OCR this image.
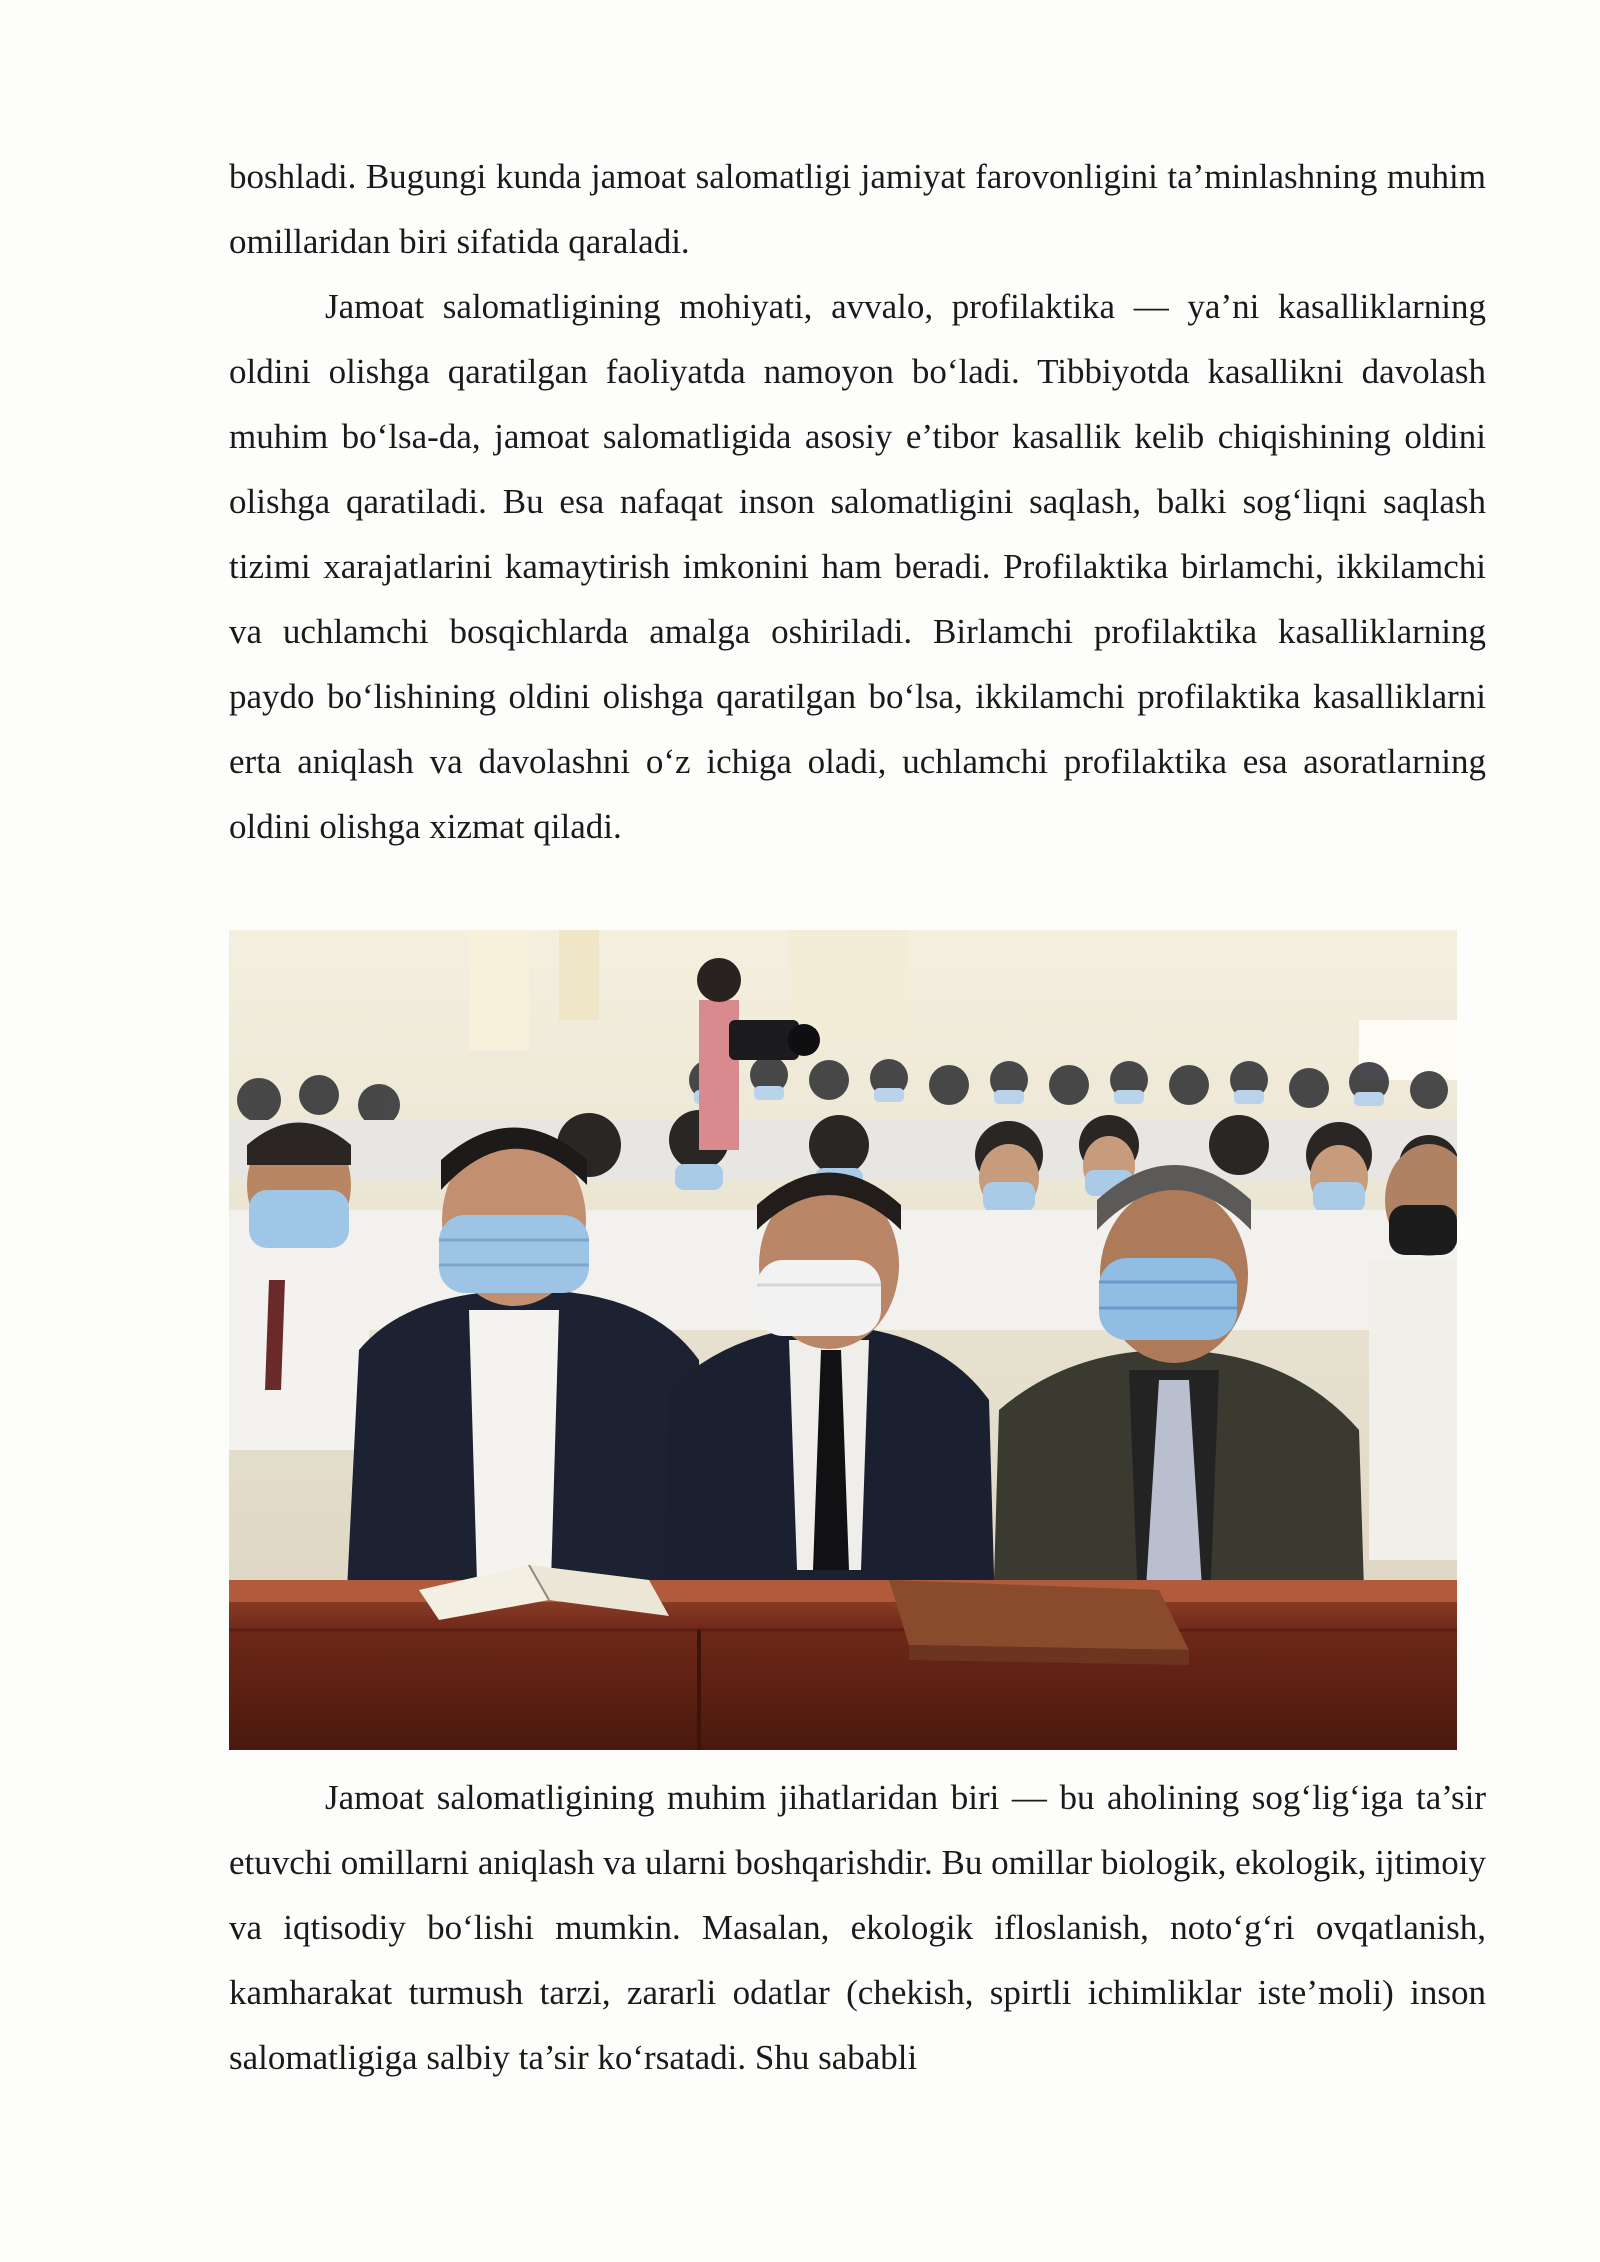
boshladi. Bugungi kunda jamoat salomatligi jamiyat farovonligini ta’minlashning muhim omillaridan biri sifatida qaraladi.

Jamoat salomatligining mohiyati, avvalo, profilaktika — ya’ni kasalliklarning oldini olishga qaratilgan faoliyatda namoyon bo‘ladi. Tibbiyotda kasallikni davolash muhim bo‘lsa-da, jamoat salomatligida asosiy e’tibor kasallik kelib chiqishining oldini olishga qaratiladi. Bu esa nafaqat inson salomatligini saqlash, balki sog‘liqni saqlash tizimi xarajatlarini kamaytirish imkonini ham beradi. Profilaktika birlamchi, ikkilamchi va uchlamchi bosqichlarda amalga oshiriladi. Birlamchi profilaktika kasalliklarning paydo bo‘lishining oldini olishga qaratilgan bo‘lsa, ikkilamchi profilaktika kasalliklarni erta aniqlash va davolashni o‘z ichiga oladi, uchlamchi profilaktika esa asoratlarning oldini olishga xizmat qiladi.

Jamoat salomatligining muhim jihatlaridan biri — bu aholining sog‘lig‘iga ta’sir etuvchi omillarni aniqlash va ularni boshqarishdir. Bu omillar biologik, ekologik, ijtimoiy va iqtisodiy bo‘lishi mumkin. Masalan, ekologik ifloslanish, noto‘g‘ri ovqatlanish, kamharakat turmush tarzi, zararli odatlar (chekish, spirtli ichimliklar iste’moli) inson salomatligiga salbiy ta’sir ko‘rsatadi. Shu sababli
